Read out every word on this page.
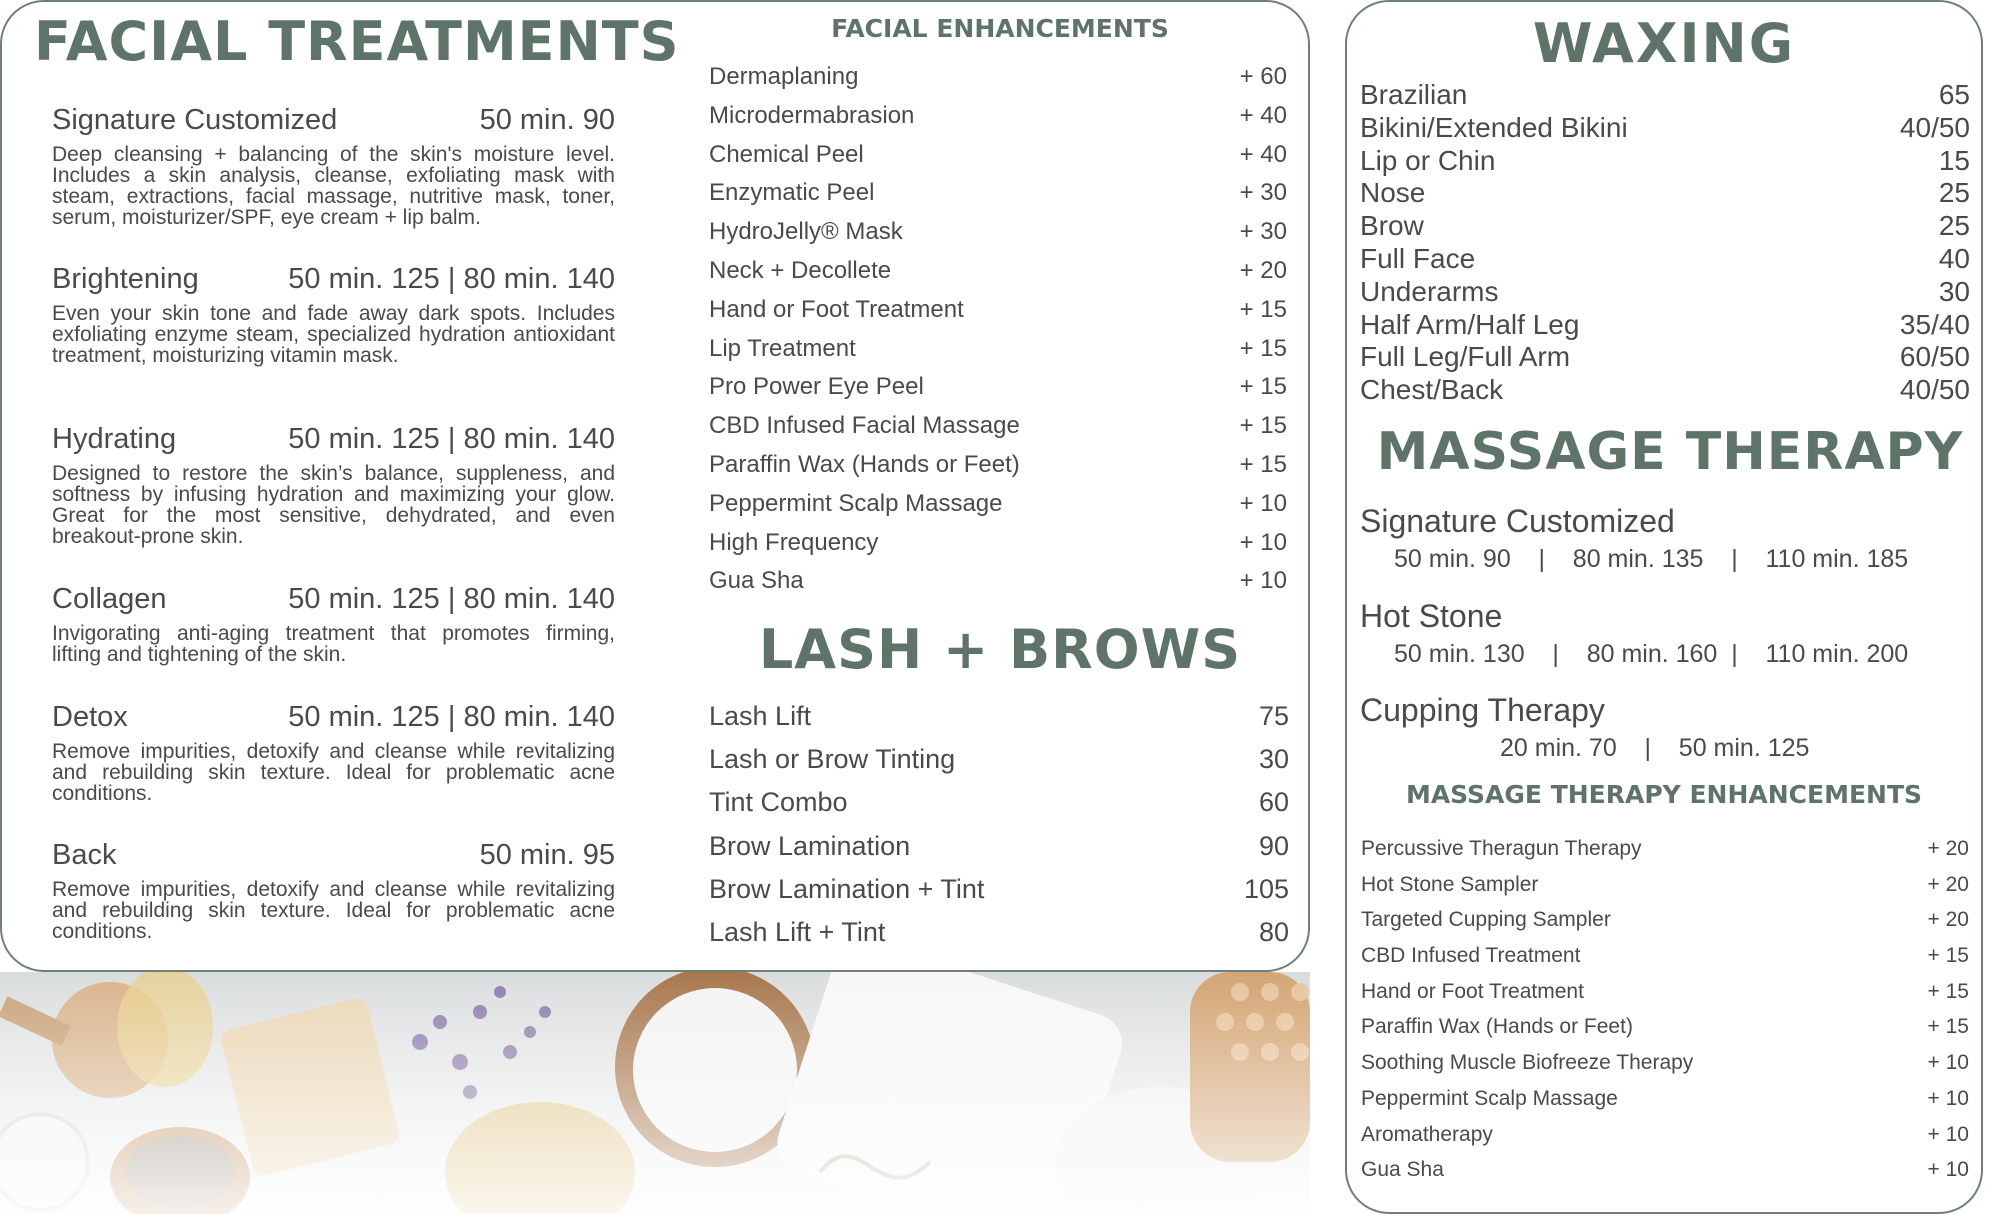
FACIAL TREATMENTS	FACIAL ENHANCEMENTS
LASH + BROWS
WAXING
MASSAGE THERAPY
MASSAGE THERAPY ENHANCEMENTS
Signature Customized	50 min. 90
Deep cleansing + balancing of the skin's moisture level. Includes a skin analysis, cleanse, exfoliating mask with steam, extractions, facial massage, nutritive mask, toner, serum, moisturizer/SPF, eye cream + lip balm.
Brightening	50 min. 125 | 80 min. 140
Even your skin tone and fade away dark spots. Includes exfoliating enzyme steam, specialized hydration antioxidant treatment, moisturizing vitamin mask.
Hydrating	50 min. 125 | 80 min. 140
Designed to restore the skin’s balance, suppleness, and softness by infusing hydration and maximizing your glow. Great for the most sensitive, dehydrated, and even breakout-prone skin.
Collagen	50 min. 125 | 80 min. 140
Invigorating anti-aging treatment that promotes firming, lifting and tightening of the skin.
Detox	50 min. 125 | 80 min. 140
Remove impurities, detoxify and cleanse while revitalizing and rebuilding skin texture. Ideal for problematic acne conditions.
Back	50 min. 95
Remove impurities, detoxify and cleanse while revitalizing and rebuilding skin texture. Ideal for problematic acne conditions.
Dermaplaning	+ 60
Microdermabrasion	+ 40
Chemical Peel	+ 40
Enzymatic Peel	+ 30
HydroJelly® Mask	+ 30
Neck + Decollete	+ 20
Hand or Foot Treatment	+ 15
Lip Treatment	+ 15
Pro Power Eye Peel	+ 15
CBD Infused Facial Massage	+ 15
Paraffin Wax (Hands or Feet)	+ 15
Peppermint Scalp Massage	+ 10
High Frequency	+ 10
Gua Sha	+ 10
Lash Lift	75
Lash or Brow Tinting	30
Tint Combo	60
Brow Lamination	90
Brow Lamination + Tint	105
Lash Lift + Tint	80
Brazilian	65
Bikini/Extended Bikini	40/50
Lip or Chin	15
Nose	25
Brow	25
Full Face	40
Underarms	30
Half Arm/Half Leg	35/40
Full Leg/Full Arm	60/50
Chest/Back	40/50
Signature Customized
50 min. 90    |    80 min. 135    |    110 min. 185
Hot Stone
50 min. 130    |    80 min. 160  |    110 min. 200
Cupping Therapy
20 min. 70    |    50 min. 125
Percussive Theragun Therapy	+ 20
Hot Stone Sampler	+ 20
Targeted Cupping Sampler	+ 20
CBD Infused Treatment	+ 15
Hand or Foot Treatment	+ 15
Paraffin Wax (Hands or Feet)	+ 15
Soothing Muscle Biofreeze Therapy	+ 10
Peppermint Scalp Massage	+ 10
Aromatherapy	+ 10
Gua Sha	+ 10
